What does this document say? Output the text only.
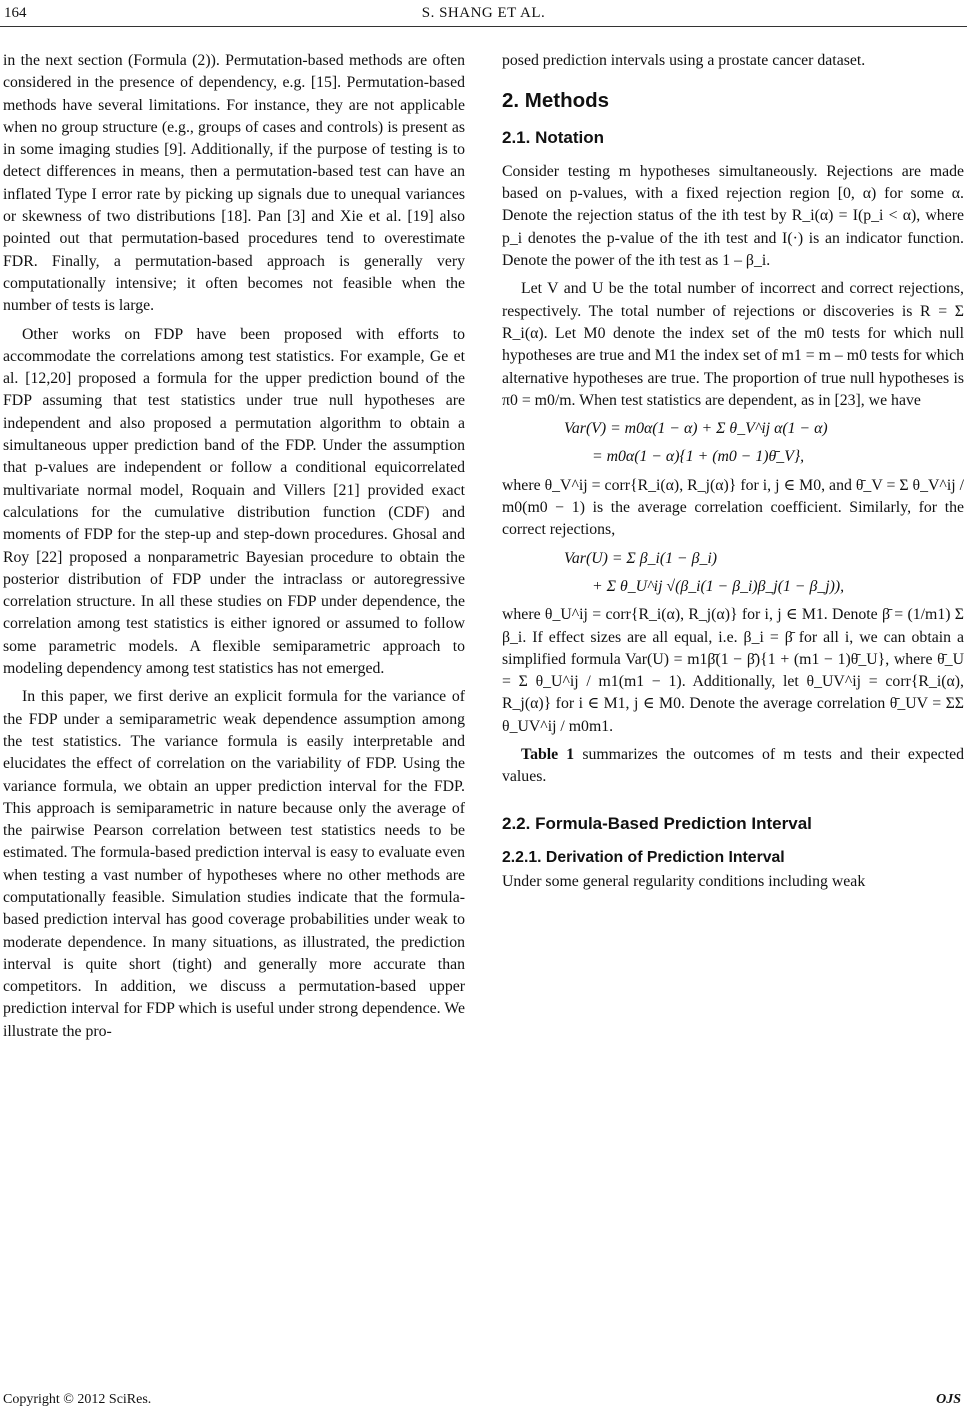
164	S. SHANG ET AL.

in the next section (Formula (2)). Permutation-based methods are often considered in the presence of dependency, e.g. [15]. Permutation-based methods have several limitations. For instance, they are not applicable when no group structure (e.g., groups of cases and controls) is present as in some imaging studies [9]. Additionally, if the purpose of testing is to detect differences in means, then a permutation-based test can have an inflated Type I error rate by picking up signals due to unequal variances or skewness of two distributions [18]. Pan [3] and Xie et al. [19] also pointed out that permutation-based procedures tend to overestimate FDR. Finally, a permutation-based approach is generally very computationally intensive; it often becomes not feasible when the number of tests is large.

Other works on FDP have been proposed with efforts to accommodate the correlations among test statistics. For example, Ge et al. [12,20] proposed a formula for the upper prediction bound of the FDP assuming that test statistics under true null hypotheses are independent and also proposed a permutation algorithm to obtain a simultaneous upper prediction band of the FDP. Under the assumption that p-values are independent or follow a conditional equicorrelated multivariate normal model, Roquain and Villers [21] provided exact calculations for the cumulative distribution function (CDF) and moments of FDP for the step-up and step-down procedures. Ghosal and Roy [22] proposed a nonparametric Bayesian procedure to obtain the posterior distribution of FDP under the intraclass or autoregressive correlation structure. In all these studies on FDP under dependence, the correlation among test statistics is either ignored or assumed to follow some parametric models. A flexible semiparametric approach to modeling dependency among test statistics has not emerged.

In this paper, we first derive an explicit formula for the variance of the FDP under a semiparametric weak dependence assumption among the test statistics. The variance formula is easily interpretable and elucidates the effect of correlation on the variability of FDP. Using the variance formula, we obtain an upper prediction interval for the FDP. This approach is semiparametric in nature because only the average of the pairwise Pearson correlation between test statistics needs to be estimated. The formula-based prediction interval is easy to evaluate even when testing a vast number of hypotheses where no other methods are computationally feasible. Simulation studies indicate that the formula-based prediction interval has good coverage probabilities under weak to moderate dependence. In many situations, as illustrated, the prediction interval is quite short (tight) and generally more accurate than competitors. In addition, we discuss a permutation-based upper prediction interval for FDP which is useful under strong dependence. We illustrate the pro-

posed prediction intervals using a prostate cancer dataset.

2. Methods
2.1. Notation

Consider testing m hypotheses simultaneously. Rejections are made based on p-values, with a fixed rejection region [0, α) for some α. Denote the rejection status of the ith test by R_i(α) = I(p_i < α), where p_i denotes the p-value of the ith test and I(·) is an indicator function. Denote the power of the ith test as 1 – β_i.

Let V and U be the total number of incorrect and correct rejections, respectively. The total number of rejections or discoveries is R = Σ R_i(α). Let M0 denote the index set of the m0 tests for which null hypotheses are true and M1 the index set of m1 = m – m0 tests for which alternative hypotheses are true. The proportion of true null hypotheses is π0 = m0/m. When test statistics are dependent, as in [23], we have

Var(V) = m0α(1 − α) + Σ θ_V^ij α(1 − α)
= m0α(1 − α){1 + (m0 − 1)θ̄_V},

where θ_V^ij = corr{R_i(α), R_j(α)} for i, j ∈ M0, and θ̄_V = Σ θ_V^ij / m0(m0 − 1) is the average correlation coefficient. Similarly, for the correct rejections,

Var(U) = Σ β_i(1 − β_i)
+ Σ θ_U^ij √(β_i(1 − β_i)β_j(1 − β_j)),

where θ_U^ij = corr{R_i(α), R_j(α)} for i, j ∈ M1. Denote β̄ = (1/m1) Σ β_i. If effect sizes are all equal, i.e. β_i = β̄ for all i, we can obtain a simplified formula Var(U) = m1β̄(1 − β̄){1 + (m1 − 1)θ̄_U}, where θ̄_U = Σ θ_U^ij / m1(m1 − 1). Additionally, let θ_UV^ij = corr{R_i(α), R_j(α)} for i ∈ M1, j ∈ M0. Denote the average correlation θ̄_UV = ΣΣ θ_UV^ij / m0m1.

Table 1 summarizes the outcomes of m tests and their expected values.

2.2. Formula-Based Prediction Interval
2.2.1. Derivation of Prediction Interval

Under some general regularity conditions including weak

Copyright © 2012 SciRes.	OJS
